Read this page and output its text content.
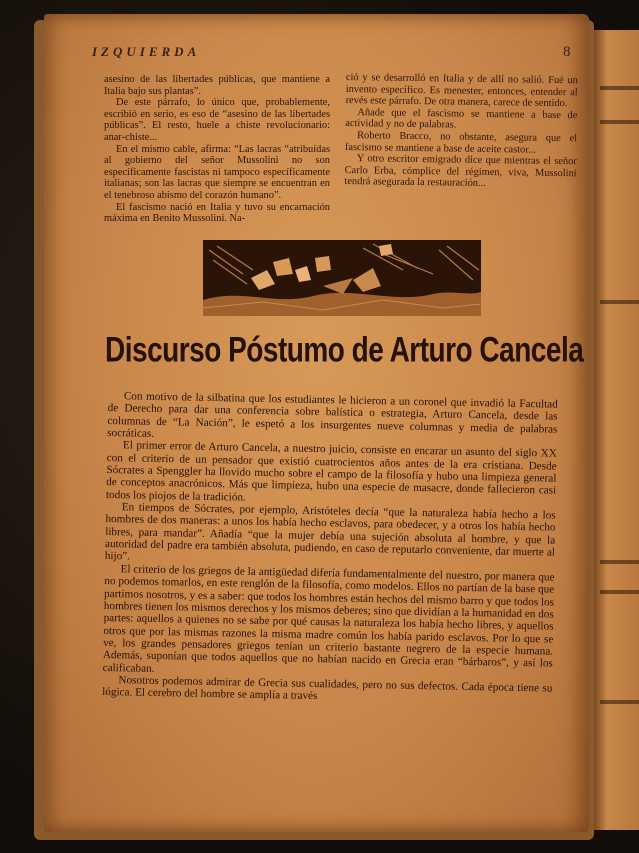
IZQUIERDA	8

asesino de las libertades públicas, que mantiene a Italia bajo sus plantas”.

De este párrafo, lo único que, probablemente, escribió en serio, es eso de “asesino de las libertades públicas”. El resto, huele a chiste revolucionario: anar-chiste...

En el mismo cable, afirma: “Las lacras “atribuídas al gobierno del señor Mussolini no son específicamente fascistas ni tampoco específicamente italianas; son las lacras que siempre se encuentran en el tenebroso abismo del corazón humano”.

El fascismo nació en Italia y tuvo su encarnación máxima en Benito Mussolini. Na-

ció y se desarrolló en Italia y de allí no salió. Fué un invento específico. Es menester, entonces, entender al revés este párrafo. De otra manera, carece de sentido.

Añade que el fascismo se mantiene a base de actividad y no de palabras.

Roberto Bracco, no obstante, asegura que el fascismo se mantiene a base de aceite castor...

Y otro escritor emigrado dice que mientras el señor Carlo Erba, cómplice del régimen, viva, Mussolini tendrá asegurada la restauración...

Discurso Póstumo de Arturo Cancela

Con motivo de la silbatina que los estudiantes le hicieron a un coronel que invadió la Facultad de Derecho para dar una conferencia sobre balística o estrategia, Arturo Cancela, desde las columnas de “La Nación”, le espetó a los insurgentes nueve columnas y media de palabras socráticas.

El primer error de Arturo Cancela, a nuestro juicio, consiste en encarar un asunto del siglo XX con el criterio de un pensador que existió cuatrocientos años antes de la era cristiana. Desde Sócrates a Spenggler ha llovido mucho sobre el campo de la filosofía y hubo una limpieza general de conceptos anacrónicos. Más que limpieza, hubo una especie de masacre, donde fallecieron casi todos los piojos de la tradición.

En tiempos de Sócrates, por ejemplo, Aristóteles decía “que la naturaleza había hecho a los hombres de dos maneras: a unos los había hecho esclavos, para obedecer, y a otros los había hecho libres, para mandar”. Añadía “que la mujer debía una sujeción absoluta al hombre, y que la autoridad del padre era también absoluta, pudiendo, en caso de reputarlo conveniente, dar muerte al hijo”.

El criterio de los griegos de la antigüedad difería fundamentalmente del nuestro, por manera que no podemos tomarlos, en este renglón de la filosofía, como modelos. Ellos no partían de la base que partimos nosotros, y es a saber: que todos los hombres están hechos del mismo barro y que todos los hombres tienen los mismos derechos y los mismos deberes; sino que dividían a la humanidad en dos partes: aquellos a quienes no se sabe por qué causas la naturaleza los había hecho libres, y aquellos otros que por las mismas razones la misma madre común los había parido esclavos. Por lo que se ve, los grandes pensadores griegos tenían un criterio bastante negrero de la especie humana. Además, suponían que todos aquellos que no habían nacido en Grecia eran “bárbaros”, y así los calificaban.

Nosotros podemos admirar de Grecia sus cualidades, pero no sus defectos. Cada época tiene su lógica. El cerebro del hombre se amplía a través
